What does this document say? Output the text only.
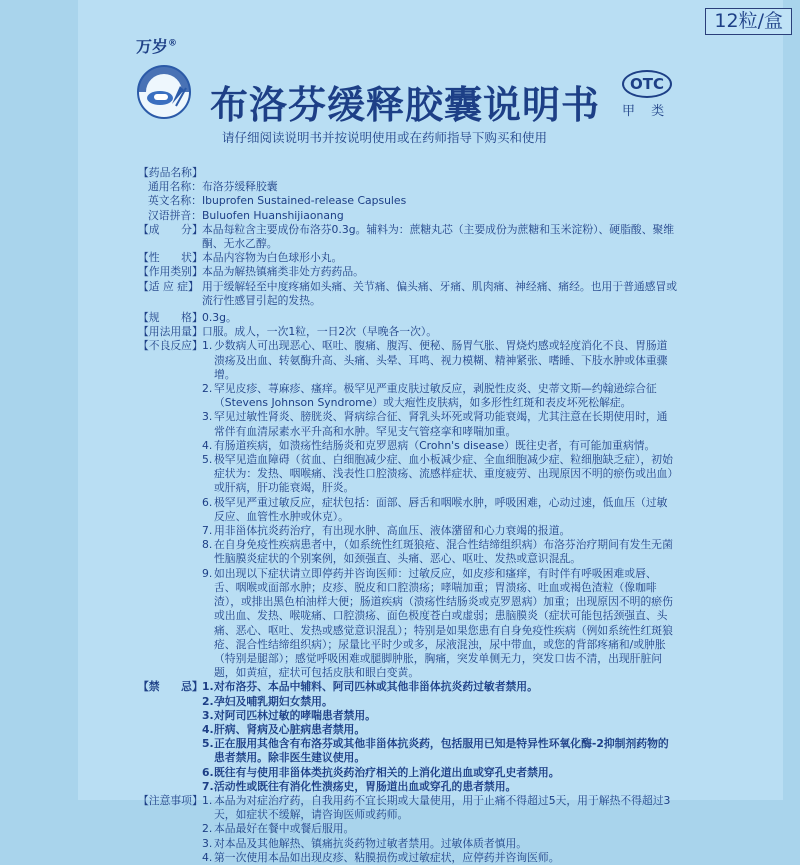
12粒/盒
万岁®
布洛芬缓释胶囊说明书	OTC
甲 类
请仔细阅读说明书并按说明使用或在药师指导下购买和使用
【药品名称】
通用名称：布洛芬缓释胶囊
英文名称：Ibuprofen Sustained-release Capsules
汉语拼音：Buluofen Huanshijiaonang
【成　　分】 本品每粒含主要成份布洛芬0.3g。辅料为：蔗糖丸芯（主要成份为蔗糖和玉米淀粉）、硬脂酸、聚维酮、无水乙醇。
【性　　状】 本品内容物为白色球形小丸。
【作用类别】 本品为解热镇痛类非处方药药品。
【适 应 症】 用于缓解轻至中度疼痛如头痛、关节痛、偏头痛、牙痛、肌肉痛、神经痛、痛经。也用于普通感冒或流行性感冒引起的发热。
【规　　格】 0.3g。
【用法用量】 口服。成人，一次1粒，一日2次（早晚各一次）。
【不良反应】 1. 少数病人可出现恶心、呕吐、腹痛、腹泻、便秘、肠胃气胀、胃烧灼感或轻度消化不良、胃肠道溃疡及出血、转氨酶升高、头痛、头晕、耳鸣、视力模糊、精神紧张、嗜睡、下肢水肿或体重骤增。
2. 罕见皮疹、荨麻疹、瘙痒。极罕见严重皮肤过敏反应，剥脱性皮炎、史蒂文斯—约翰逊综合征（Stevens Johnson Syndrome）或大疱性皮肤病，如多形性红斑和表皮坏死松解症。
3. 罕见过敏性肾炎、膀胱炎、肾病综合征、肾乳头坏死或肾功能衰竭，尤其注意在长期使用时，通常伴有血清尿素水平升高和水肿。罕见支气管痉挛和哮喘加重。
4. 有肠道疾病，如溃疡性结肠炎和克罗恩病（Crohn's disease）既往史者，有可能加重病情。
5. 极罕见造血障碍（贫血、白细胞减少症、血小板减少症、全血细胞减少症、粒细胞缺乏症），初始症状为：发热、咽喉痛、浅表性口腔溃疡、流感样症状、重度疲劳、出现原因不明的瘀伤或出血）或肝病，肝功能衰竭，肝炎。
6. 极罕见严重过敏反应，症状包括：面部、唇舌和咽喉水肿，呼吸困难，心动过速，低血压（过敏反应、血管性水肿或休克）。
7. 用非甾体抗炎药治疗，有出现水肿、高血压、液体潴留和心力衰竭的报道。
8. 在自身免疫性疾病患者中，（如系统性红斑狼疮、混合性结缔组织病）布洛芬治疗期间有发生无菌性脑膜炎症状的个别案例，如颈强直、头痛、恶心、呕吐、发热或意识混乱。
9. 如出现以下症状请立即停药并咨询医师：过敏反应，如皮疹和瘙痒，有时伴有呼吸困难或唇、舌、咽喉或面部水肿；皮疹、脱皮和口腔溃疡；哮喘加重；胃溃疡、吐血或褐色渣粒（像咖啡渣），或排出黑色柏油样大便；肠道疾病（溃疡性结肠炎或克罗恩病）加重；出现原因不明的瘀伤或出血、发热、喉咙痛、口腔溃疡、面色极度苍白或虚弱；患脑膜炎（症状可能包括颈强直、头痛、恶心、呕吐、发热或感觉意识混乱）；特别是如果您患有自身免疫性疾病（例如系统性红斑狼疮、混合性结缔组织病）；尿量比平时少或多，尿液混浊，尿中带血，或您的背部疼痛和/或肿胀（特别是腿部）；感觉呼吸困难或腿脚肿胀，胸痛，突发单侧无力，突发口齿不清，出现肝脏问题，如黄疸，症状可包括皮肤和眼白变黄。
【禁　　忌】 1. 对布洛芬、本品中辅料、阿司匹林或其他非甾体抗炎药过敏者禁用。
2. 孕妇及哺乳期妇女禁用。
3. 对阿司匹林过敏的哮喘患者禁用。
4. 肝病、肾病及心脏病患者禁用。
5. 正在服用其他含有布洛芬或其他非甾体抗炎药，包括服用已知是特异性环氧化酶-2抑制剂药物的患者禁用。除非医生建议使用。
6. 既往有与使用非甾体类抗炎药治疗相关的上消化道出血或穿孔史者禁用。
7. 活动性或既往有消化性溃疡史，胃肠道出血或穿孔的患者禁用。
【注意事项】 1. 本品为对症治疗药，自我用药不宜长期或大量使用，用于止痛不得超过5天，用于解热不得超过3天，如症状不缓解，请咨询医师或药师。
2. 本品最好在餐中或餐后服用。
3. 对本品及其他解热、镇痛抗炎药物过敏者禁用。过敏体质者慎用。
4. 第一次使用本品如出现皮疹、粘膜损伤或过敏症状，应停药并咨询医师。
